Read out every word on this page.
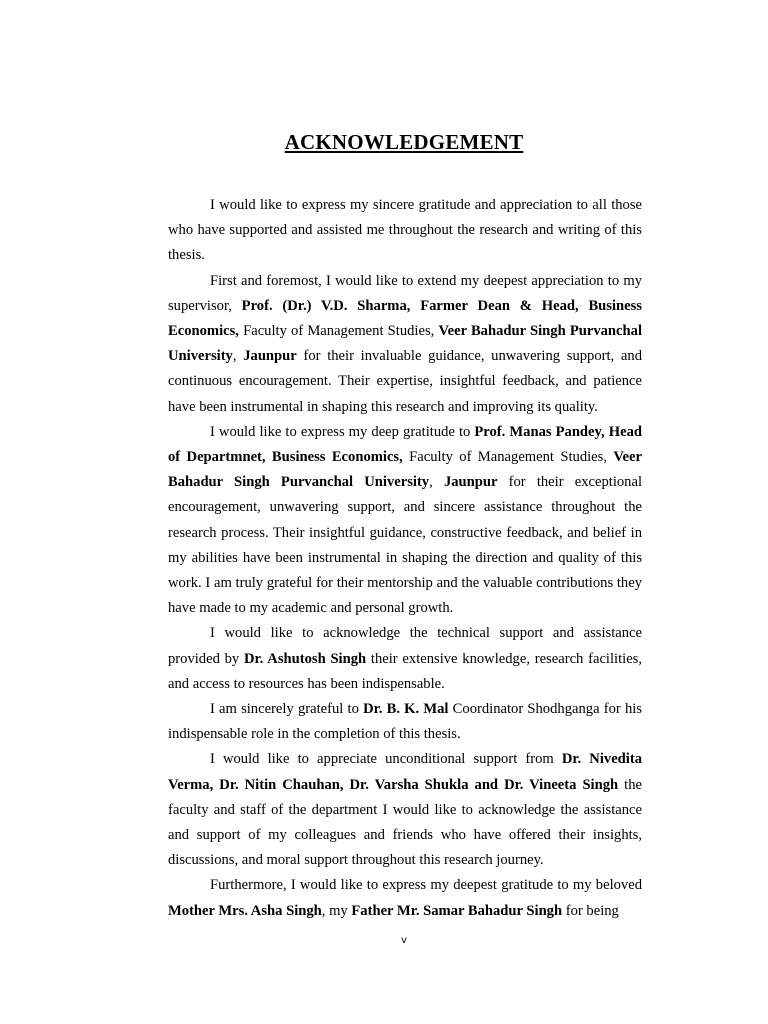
ACKNOWLEDGEMENT

I would like to express my sincere gratitude and appreciation to all those who have supported and assisted me throughout the research and writing of this thesis.

First and foremost, I would like to extend my deepest appreciation to my supervisor, Prof. (Dr.) V.D. Sharma, Farmer Dean & Head, Business Economics, Faculty of Management Studies, Veer Bahadur Singh Purvanchal University, Jaunpur for their invaluable guidance, unwavering support, and continuous encouragement. Their expertise, insightful feedback, and patience have been instrumental in shaping this research and improving its quality.

I would like to express my deep gratitude to Prof. Manas Pandey, Head of Departmnet, Business Economics, Faculty of Management Studies, Veer Bahadur Singh Purvanchal University, Jaunpur for their exceptional encouragement, unwavering support, and sincere assistance throughout the research process. Their insightful guidance, constructive feedback, and belief in my abilities have been instrumental in shaping the direction and quality of this work. I am truly grateful for their mentorship and the valuable contributions they have made to my academic and personal growth.

I would like to acknowledge the technical support and assistance provided by Dr. Ashutosh Singh their extensive knowledge, research facilities, and access to resources has been indispensable.

I am sincerely grateful to Dr. B. K. Mal Coordinator Shodhganga for his indispensable role in the completion of this thesis.

I would like to appreciate unconditional support from Dr. Nivedita Verma, Dr. Nitin Chauhan, Dr. Varsha Shukla and Dr. Vineeta Singh the faculty and staff of the department I would like to acknowledge the assistance and support of my colleagues and friends who have offered their insights, discussions, and moral support throughout this research journey.

Furthermore, I would like to express my deepest gratitude to my beloved Mother Mrs. Asha Singh, my Father Mr. Samar Bahadur Singh for being

v
